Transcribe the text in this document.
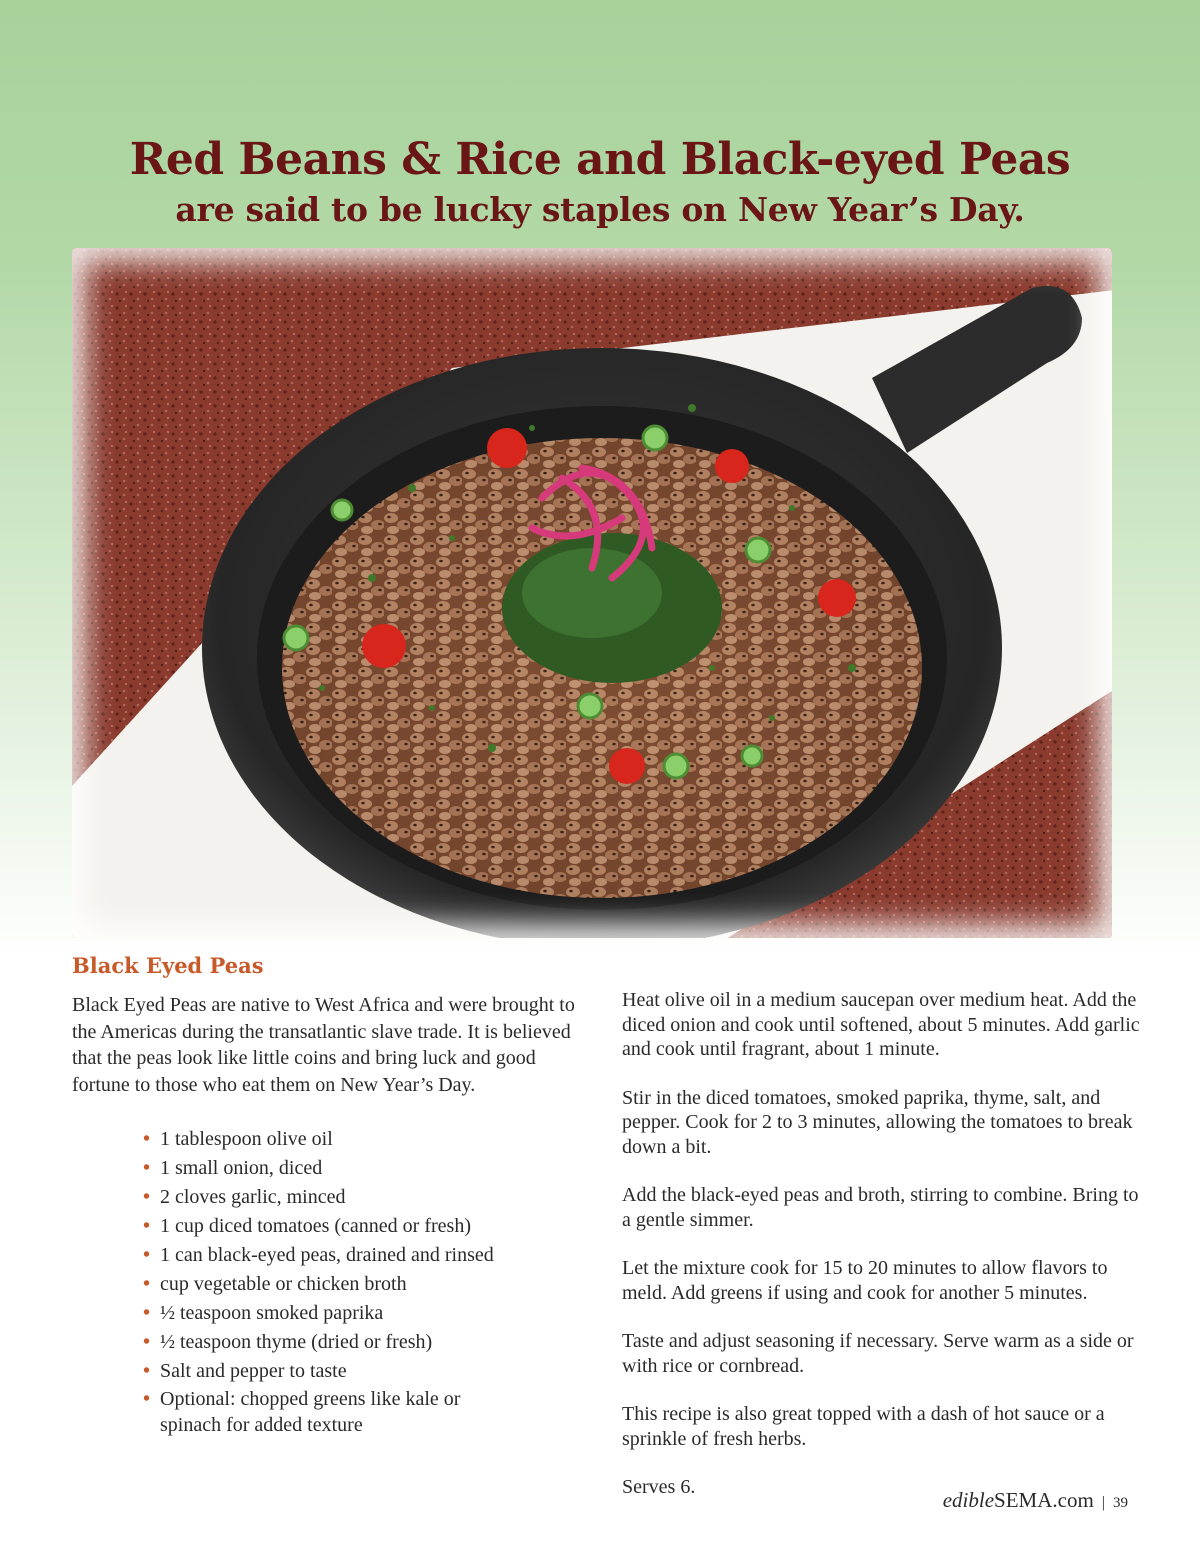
Red Beans & Rice and Black-eyed Peas
are said to be lucky staples on New Year’s Day.
Black Eyed Peas

Black Eyed Peas are native to West Africa and were brought to the Americas during the transatlantic slave trade. It is believed that the peas look like little coins and bring luck and good fortune to those who eat them on New Year’s Day.

• 1 tablespoon olive oil
• 1 small onion, diced
• 2 cloves garlic, minced
• 1 cup diced tomatoes (canned or fresh)
• 1 can black-eyed peas, drained and rinsed
• cup vegetable or chicken broth
• ½ teaspoon smoked paprika
• ½ teaspoon thyme (dried or fresh)
• Salt and pepper to taste
• Optional: chopped greens like kale or spinach for added texture

Heat olive oil in a medium saucepan over medium heat. Add the diced onion and cook until softened, about 5 minutes. Add garlic and cook until fragrant, about 1 minute.

Stir in the diced tomatoes, smoked paprika, thyme, salt, and pepper. Cook for 2 to 3 minutes, allowing the tomatoes to break down a bit.

Add the black-eyed peas and broth, stirring to combine. Bring to a gentle simmer.

Let the mixture cook for 15 to 20 minutes to allow flavors to meld. Add greens if using and cook for another 5 minutes.

Taste and adjust seasoning if necessary. Serve warm as a side or with rice or cornbread.

This recipe is also great topped with a dash of hot sauce or a sprinkle of fresh herbs.

Serves 6.

edibleSEMA.com | 39
